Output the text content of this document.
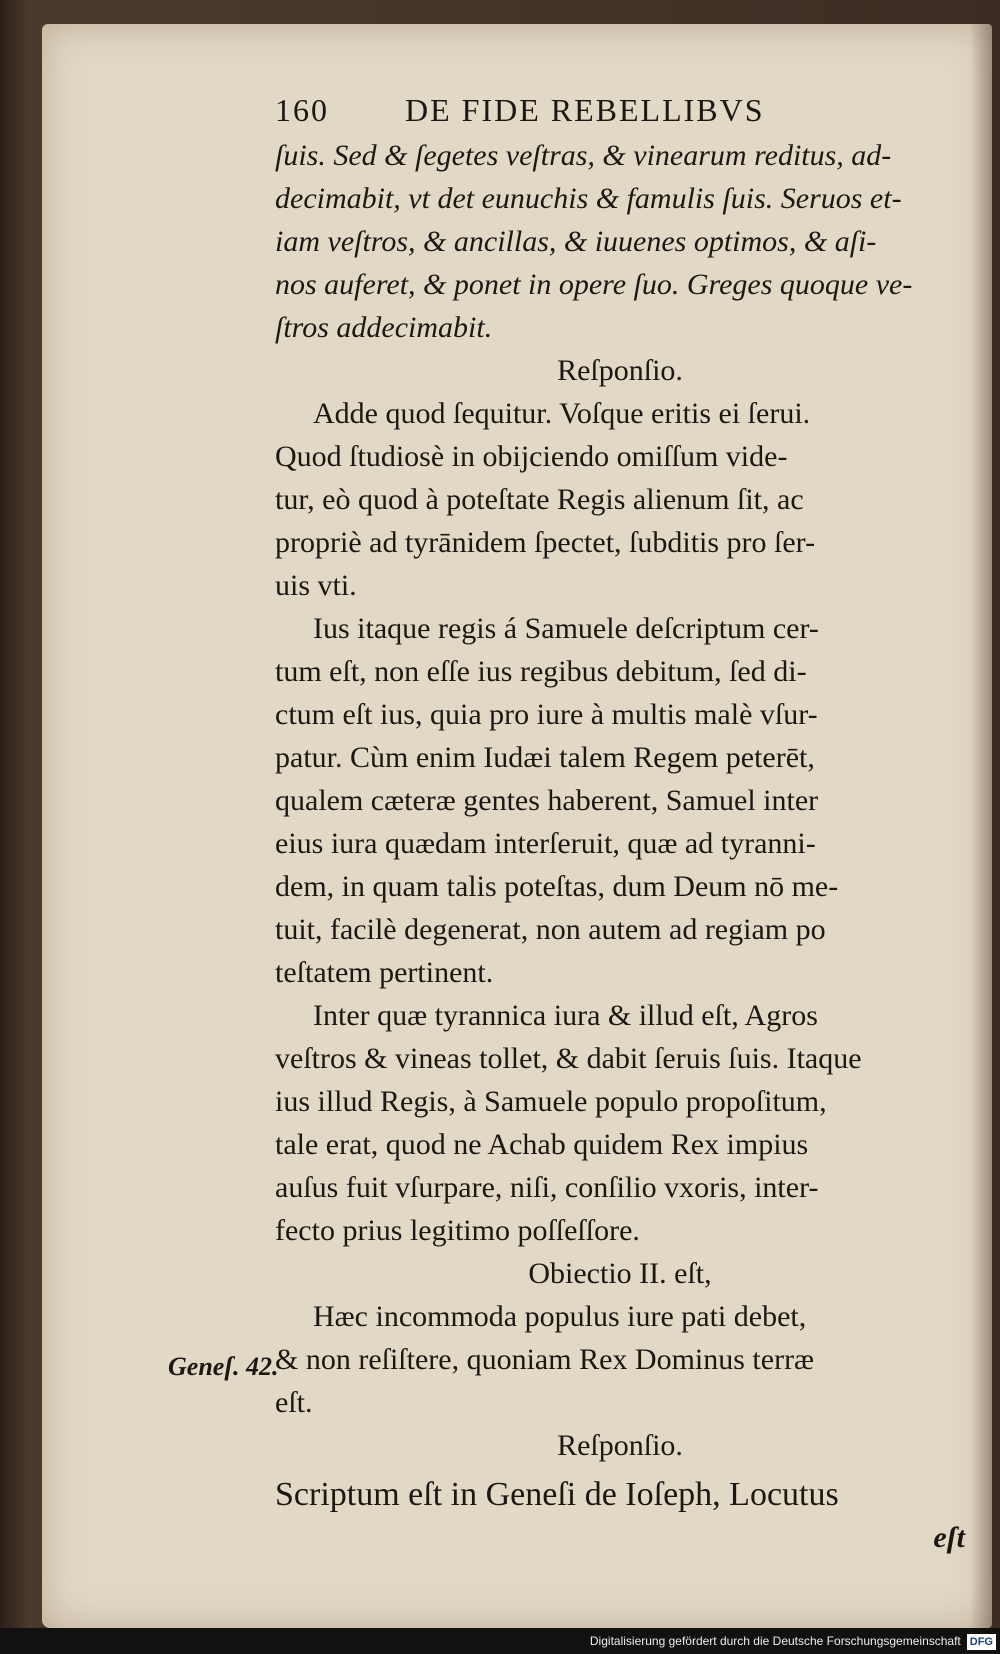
160 DE FIDE REBELLIBVS
ſuis. Sed & ſegetes veſtras, & vinearum reditus, ad-
decimabit, vt det eunuchis & famulis ſuis. Seruos et-
iam veſtros, & ancillas, & iuuenes optimos, & aſi-
nos auferet, & ponet in opere ſuo. Greges quoque ve-
ſtros addecimabit.
Reſponſio.
Adde quod ſequitur. Voſque eritis ei ſerui.
Quod ſtudiosè in obijciendo omiſſum vide-
tur, eò quod à poteſtate Regis alienum ſit, ac
propriè ad tyrānidem ſpectet, ſubditis pro ſer-
uis vti.
Ius itaque regis á Samuele deſcriptum cer-
tum eſt, non eſſe ius regibus debitum, ſed di-
ctum eſt ius, quia pro iure à multis malè vſur-
patur. Cùm enim Iudæi talem Regem peterēt,
qualem cæteræ gentes haberent, Samuel inter
eius iura quædam interſeruit, quæ ad tyranni-
dem, in quam talis poteſtas, dum Deum nō me-
tuit, facilè degenerat, non autem ad regiam po
teſtatem pertinent.
Inter quæ tyrannica iura & illud eſt, Agros
veſtros & vineas tollet, & dabit ſeruis ſuis. Itaque
ius illud Regis, à Samuele populo propoſitum,
tale erat, quod ne Achab quidem Rex impius
auſus fuit vſurpare, niſi, conſilio vxoris, inter-
fecto prius legitimo poſſeſſore.
Obiectio II. eſt,
Hæc incommoda populus iure pati debet,
& non reſiſtere, quoniam Rex Dominus terræ
eſt.
Reſponſio.
Scriptum eſt in Geneſi de Ioſeph, Locutus
eſt
Geneſ. 42.
Digitalisierung gefördert durch die Deutsche Forschungsgemeinschaft DFG
